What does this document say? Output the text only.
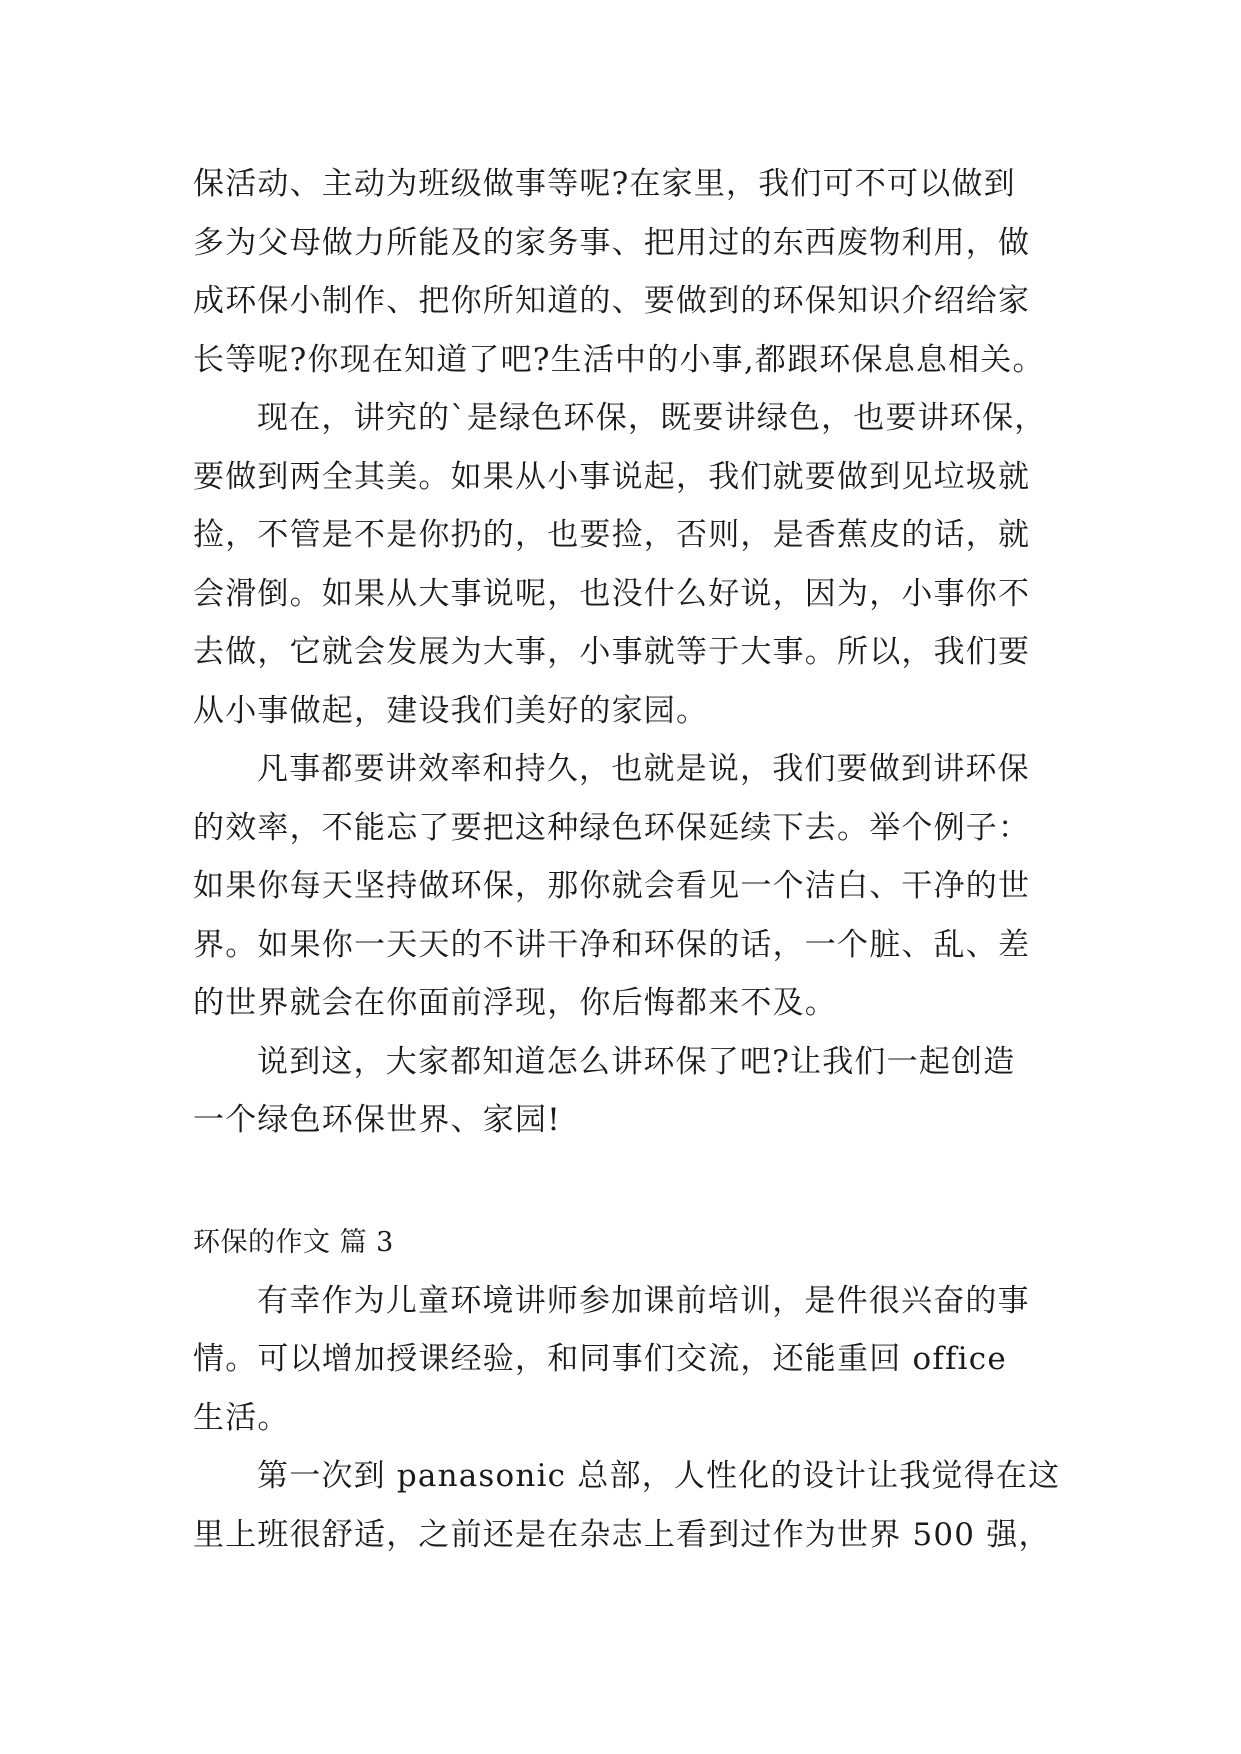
保活动、主动为班级做事等呢?在家里，我们可不可以做到
多为父母做力所能及的家务事、把用过的东西废物利用，做
成环保小制作、把你所知道的、要做到的环保知识介绍给家
长等呢?你现在知道了吧?生活中的小事,都跟环保息息相关。
现在，讲究的`是绿色环保，既要讲绿色，也要讲环保，
要做到两全其美。如果从小事说起，我们就要做到见垃圾就
捡，不管是不是你扔的，也要捡，否则，是香蕉皮的话，就
会滑倒。如果从大事说呢，也没什么好说，因为，小事你不
去做，它就会发展为大事，小事就等于大事。所以，我们要
从小事做起，建设我们美好的家园。
凡事都要讲效率和持久，也就是说，我们要做到讲环保
的效率，不能忘了要把这种绿色环保延续下去。举个例子：
如果你每天坚持做环保，那你就会看见一个洁白、干净的世
界。如果你一天天的不讲干净和环保的话，一个脏、乱、差
的世界就会在你面前浮现，你后悔都来不及。
说到这，大家都知道怎么讲环保了吧?让我们一起创造
一个绿色环保世界、家园!
环保的作文 篇 3
有幸作为儿童环境讲师参加课前培训，是件很兴奋的事
情。可以增加授课经验，和同事们交流，还能重回 office
生活。
第一次到 panasonic 总部，人性化的设计让我觉得在这
里上班很舒适，之前还是在杂志上看到过作为世界 500 强，
